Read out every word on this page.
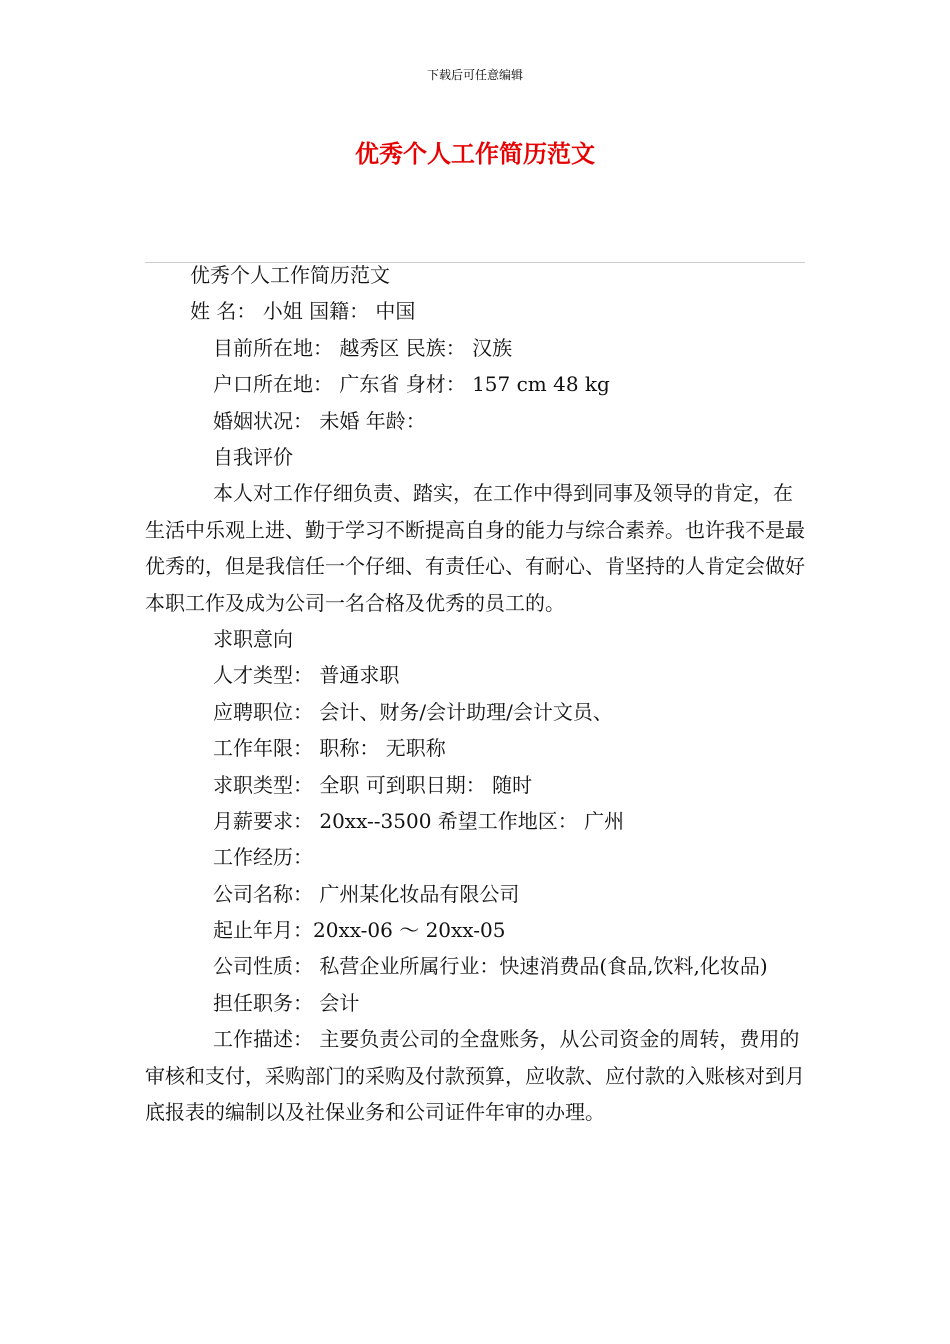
下载后可任意编辑
优秀个人工作简历范文
优秀个人工作简历范文
姓 名： 小姐 国籍： 中国
目前所在地： 越秀区 民族： 汉族
户口所在地： 广东省 身材： 157 cm 48 kg
婚姻状况： 未婚 年龄：
自我评价

本人对工作仔细负责、踏实，在工作中得到同事及领导的肯定，在生活中乐观上进、勤于学习不断提高自身的能力与综合素养。也许我不是最优秀的，但是我信任一个仔细、有责任心、有耐心、肯坚持的人肯定会做好本职工作及成为公司一名合格及优秀的员工的。

求职意向
人才类型： 普通求职
应聘职位： 会计、财务/会计助理/会计文员、
工作年限： 职称： 无职称
求职类型： 全职 可到职日期： 随时
月薪要求： 20xx--3500 希望工作地区： 广州
工作经历：
公司名称： 广州某化妆品有限公司
起止年月：20xx-06 ～ 20xx-05

公司性质： 私营企业所属行业：快速消费品(食品,饮料,化妆品)

担任职务： 会计

工作描述： 主要负责公司的全盘账务，从公司资金的周转，费用的审核和支付，采购部门的采购及付款预算，应收款、应付款的入账核对到月底报表的编制以及社保业务和公司证件年审的办理。
